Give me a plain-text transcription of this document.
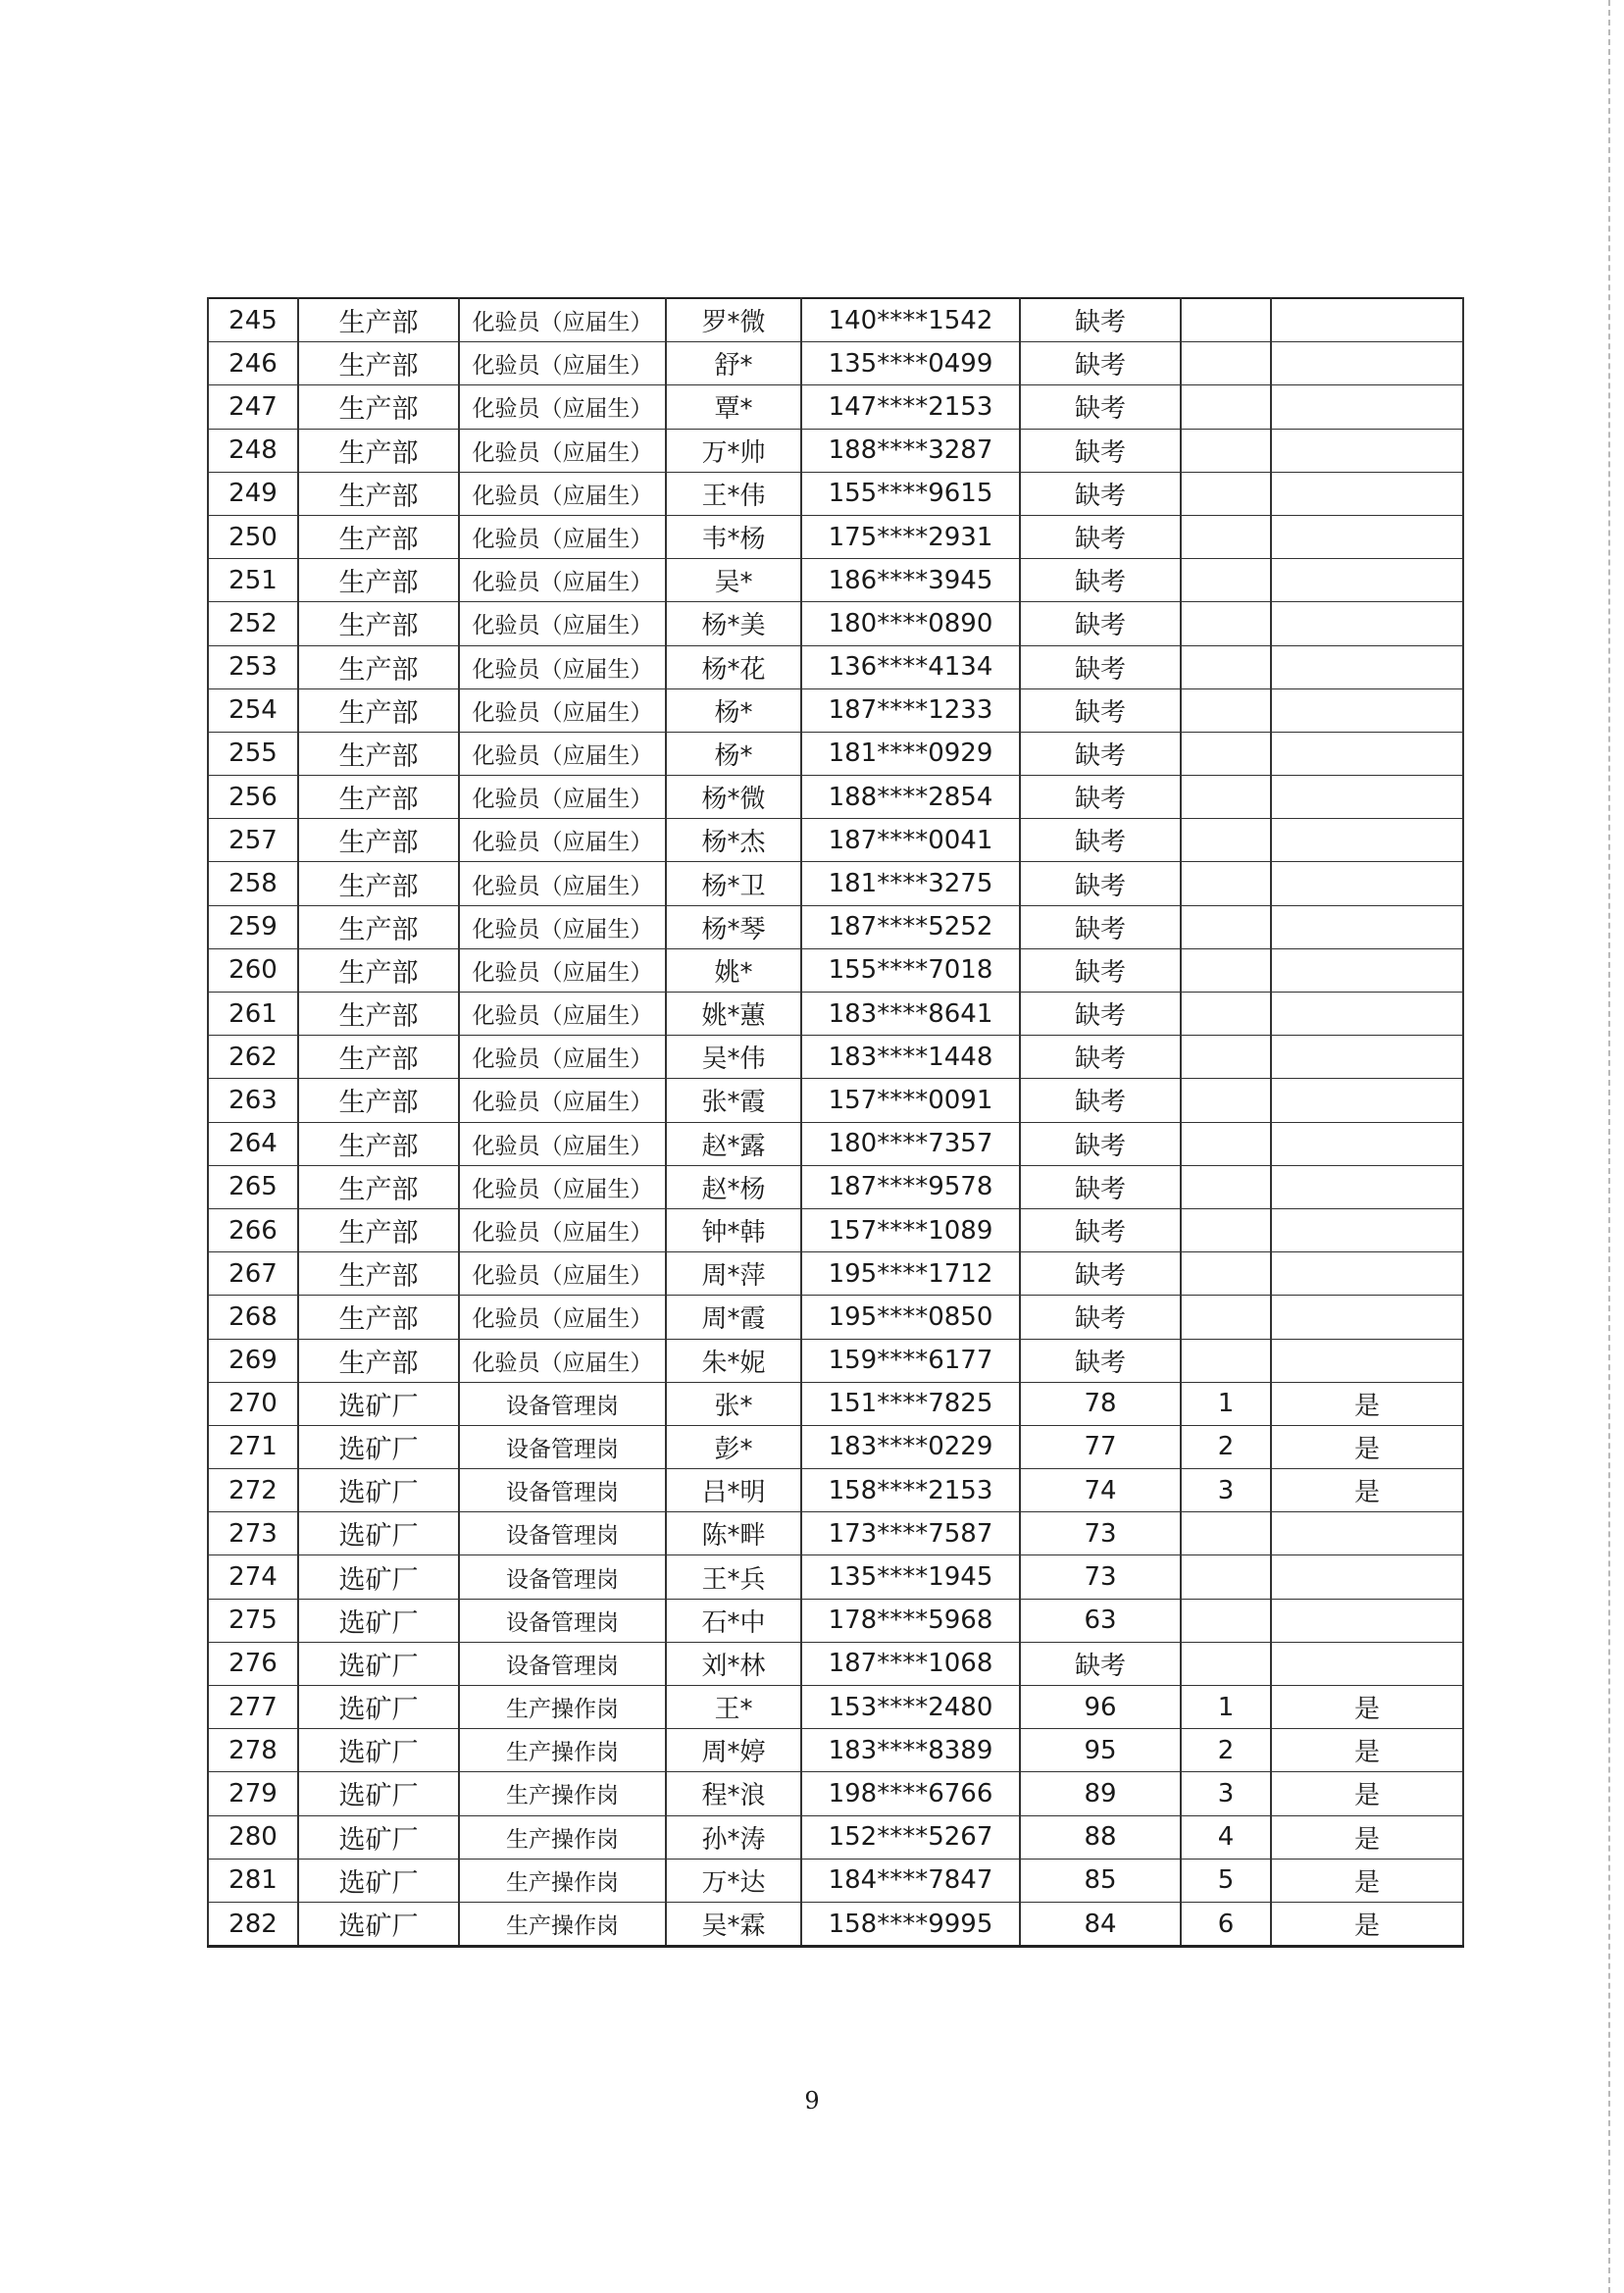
245	生产部	化验员（应届生）	罗*微	140****1542	缺考		
246	生产部	化验员（应届生）	舒*	135****0499	缺考		
247	生产部	化验员（应届生）	覃*	147****2153	缺考		
248	生产部	化验员（应届生）	万*帅	188****3287	缺考		
249	生产部	化验员（应届生）	王*伟	155****9615	缺考		
250	生产部	化验员（应届生）	韦*杨	175****2931	缺考		
251	生产部	化验员（应届生）	吴*	186****3945	缺考		
252	生产部	化验员（应届生）	杨*美	180****0890	缺考		
253	生产部	化验员（应届生）	杨*花	136****4134	缺考		
254	生产部	化验员（应届生）	杨*	187****1233	缺考		
255	生产部	化验员（应届生）	杨*	181****0929	缺考		
256	生产部	化验员（应届生）	杨*微	188****2854	缺考		
257	生产部	化验员（应届生）	杨*杰	187****0041	缺考		
258	生产部	化验员（应届生）	杨*卫	181****3275	缺考		
259	生产部	化验员（应届生）	杨*琴	187****5252	缺考		
260	生产部	化验员（应届生）	姚*	155****7018	缺考		
261	生产部	化验员（应届生）	姚*蕙	183****8641	缺考		
262	生产部	化验员（应届生）	吴*伟	183****1448	缺考		
263	生产部	化验员（应届生）	张*霞	157****0091	缺考		
264	生产部	化验员（应届生）	赵*露	180****7357	缺考		
265	生产部	化验员（应届生）	赵*杨	187****9578	缺考		
266	生产部	化验员（应届生）	钟*韩	157****1089	缺考		
267	生产部	化验员（应届生）	周*萍	195****1712	缺考		
268	生产部	化验员（应届生）	周*霞	195****0850	缺考		
269	生产部	化验员（应届生）	朱*妮	159****6177	缺考		
270	选矿厂	设备管理岗	张*	151****7825	78	1	是
271	选矿厂	设备管理岗	彭*	183****0229	77	2	是
272	选矿厂	设备管理岗	吕*明	158****2153	74	3	是
273	选矿厂	设备管理岗	陈*畔	173****7587	73		
274	选矿厂	设备管理岗	王*兵	135****1945	73		
275	选矿厂	设备管理岗	石*中	178****5968	63		
276	选矿厂	设备管理岗	刘*林	187****1068	缺考		
277	选矿厂	生产操作岗	王*	153****2480	96	1	是
278	选矿厂	生产操作岗	周*婷	183****8389	95	2	是
279	选矿厂	生产操作岗	程*浪	198****6766	89	3	是
280	选矿厂	生产操作岗	孙*涛	152****5267	88	4	是
281	选矿厂	生产操作岗	万*达	184****7847	85	5	是
282	选矿厂	生产操作岗	吴*霖	158****9995	84	6	是
9
